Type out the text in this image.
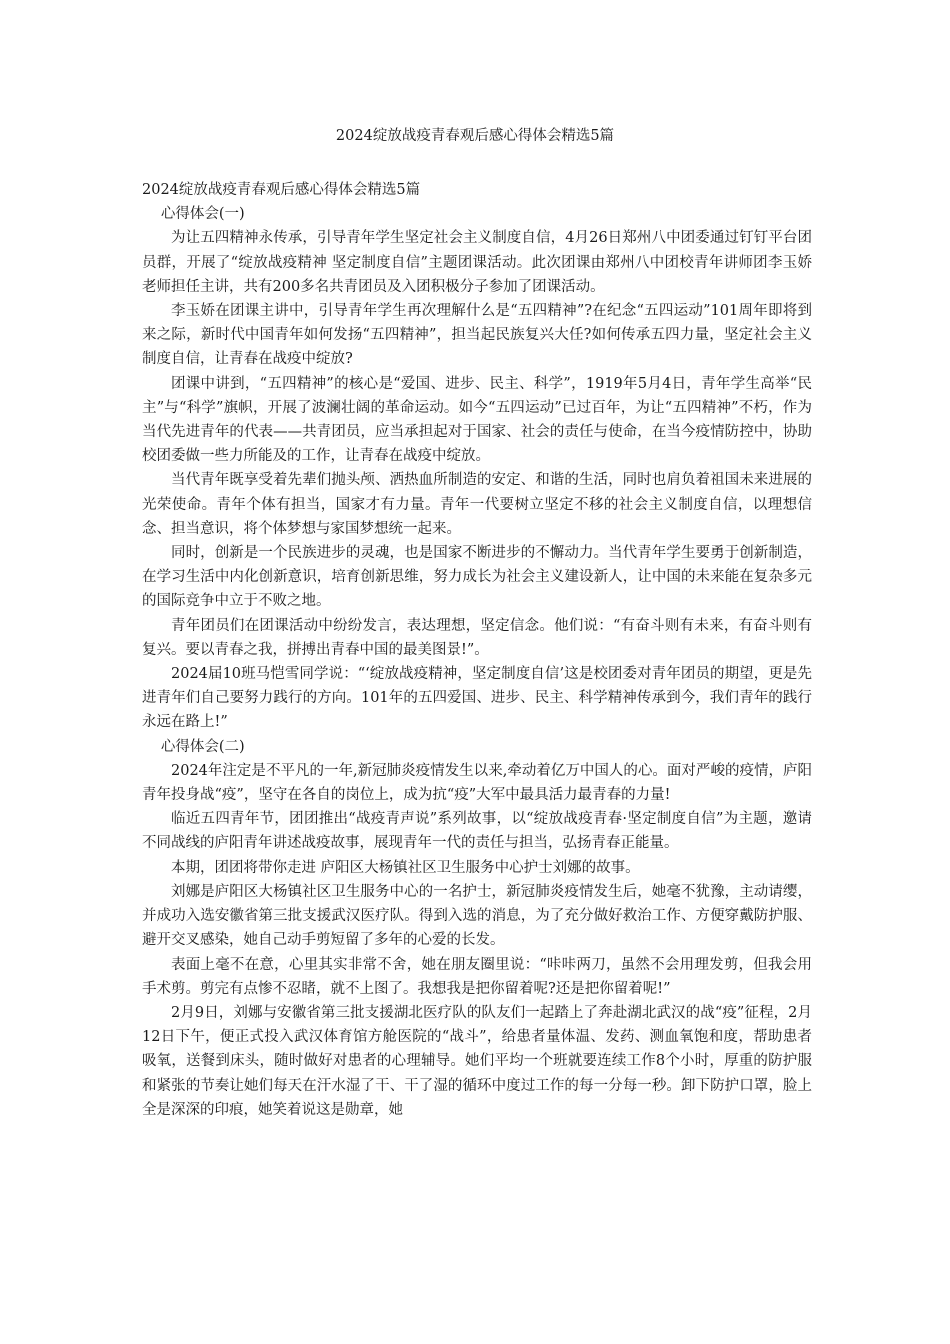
2024绽放战疫青春观后感心得体会精选5篇

2024绽放战疫青春观后感心得体会精选5篇

心得体会(一)

为让五四精神永传承，引导青年学生坚定社会主义制度自信，4月26日郑州八中团委通过钉钉平台团员群，开展了“绽放战疫精神 坚定制度自信”主题团课活动。此次团课由郑州八中团校青年讲师团李玉娇老师担任主讲，共有200多名共青团员及入团积极分子参加了团课活动。

李玉娇在团课主讲中，引导青年学生再次理解什么是“五四精神”?在纪念“五四运动”101周年即将到来之际，新时代中国青年如何发扬“五四精神”，担当起民族复兴大任?如何传承五四力量，坚定社会主义制度自信，让青春在战疫中绽放?

团课中讲到，“五四精神”的核心是“爱国、进步、民主、科学”，1919年5月4日，青年学生高举“民主”与“科学”旗帜，开展了波澜壮阔的革命运动。如今“五四运动”已过百年，为让“五四精神”不朽，作为当代先进青年的代表——共青团员，应当承担起对于国家、社会的责任与使命，在当今疫情防控中，协助校团委做一些力所能及的工作，让青春在战疫中绽放。

当代青年既享受着先辈们抛头颅、洒热血所制造的安定、和谐的生活，同时也肩负着祖国未来进展的光荣使命。青年个体有担当，国家才有力量。青年一代要树立坚定不移的社会主义制度自信，以理想信念、担当意识，将个体梦想与家国梦想统一起来。

同时，创新是一个民族进步的灵魂，也是国家不断进步的不懈动力。当代青年学生要勇于创新制造，在学习生活中内化创新意识，培育创新思维，努力成长为社会主义建设新人，让中国的未来能在复杂多元的国际竞争中立于不败之地。

青年团员们在团课活动中纷纷发言，表达理想，坚定信念。他们说：“有奋斗则有未来，有奋斗则有复兴。要以青春之我，拼搏出青春中国的最美图景!”。

2024届10班马恺雪同学说：“‘绽放战疫精神，坚定制度自信’这是校团委对青年团员的期望，更是先进青年们自己要努力践行的方向。101年的五四爱国、进步、民主、科学精神传承到今，我们青年的践行永远在路上!”

心得体会(二)

2024年注定是不平凡的一年,新冠肺炎疫情发生以来,牵动着亿万中国人的心。面对严峻的疫情，庐阳青年投身战“疫”，坚守在各自的岗位上，成为抗“疫”大军中最具活力最青春的力量!

临近五四青年节，团团推出“战疫青声说”系列故事，以“绽放战疫青春·坚定制度自信”为主题，邀请不同战线的庐阳青年讲述战疫故事，展现青年一代的责任与担当，弘扬青春正能量。

本期，团团将带你走进 庐阳区大杨镇社区卫生服务中心护士刘娜的故事。

刘娜是庐阳区大杨镇社区卫生服务中心的一名护士，新冠肺炎疫情发生后，她毫不犹豫，主动请缨，并成功入选安徽省第三批支援武汉医疗队。得到入选的消息，为了充分做好救治工作、方便穿戴防护服、避开交叉感染，她自己动手剪短留了多年的心爱的长发。

表面上毫不在意，心里其实非常不舍，她在朋友圈里说：“咔咔两刀，虽然不会用理发剪，但我会用手术剪。剪完有点惨不忍睹，就不上图了。我想我是把你留着呢?还是把你留着呢!”

2月9日，刘娜与安徽省第三批支援湖北医疗队的队友们一起踏上了奔赴湖北武汉的战“疫”征程，2月12日下午，便正式投入武汉体育馆方舱医院的“战斗”，给患者量体温、发药、测血氧饱和度，帮助患者吸氧，送餐到床头，随时做好对患者的心理辅导。她们平均一个班就要连续工作8个小时，厚重的防护服和紧张的节奏让她们每天在汗水湿了干、干了湿的循环中度过工作的每一分每一秒。卸下防护口罩，脸上全是深深的印痕，她笑着说这是勋章，她
